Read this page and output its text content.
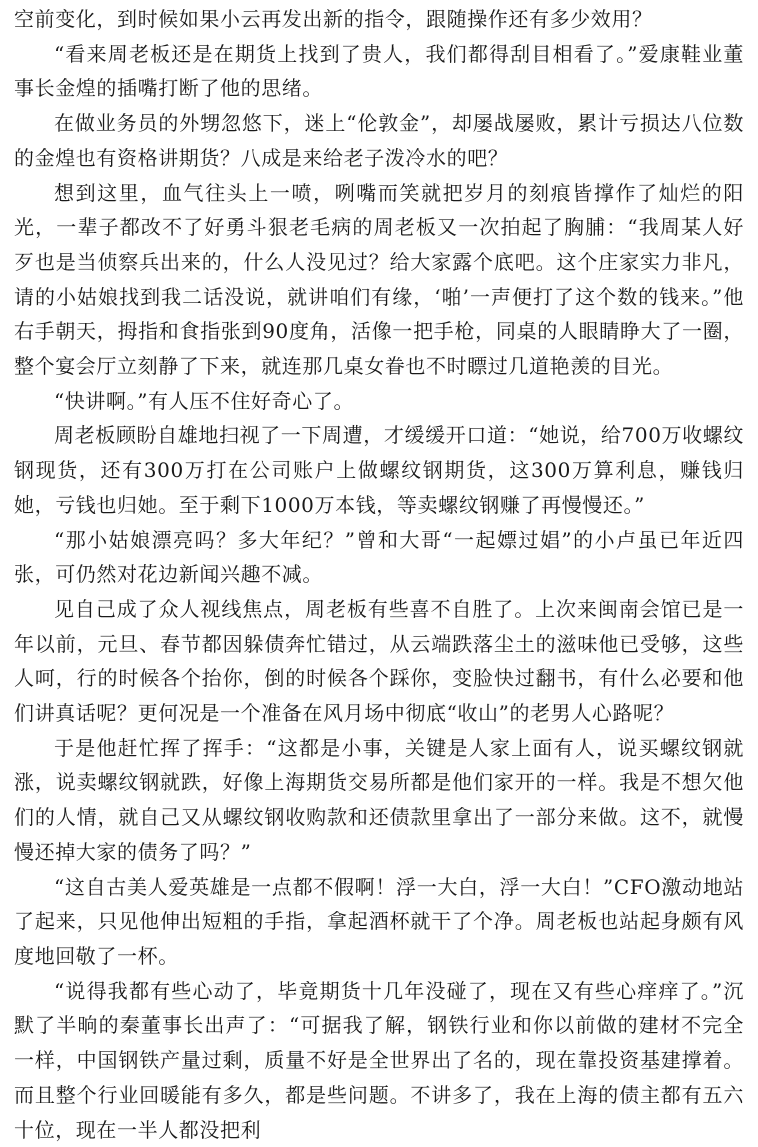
空前变化，到时候如果小云再发出新的指令，跟随操作还有多少效用？

“看来周老板还是在期货上找到了贵人，我们都得刮目相看了。”爱康鞋业董事长金煌的插嘴打断了他的思绪。

在做业务员的外甥忽悠下，迷上“伦敦金”，却屡战屡败，累计亏损达八位数的金煌也有资格讲期货？八成是来给老子泼冷水的吧？

想到这里，血气往头上一喷，咧嘴而笑就把岁月的刻痕皆撑作了灿烂的阳光，一辈子都改不了好勇斗狠老毛病的周老板又一次拍起了胸脯：“我周某人好歹也是当侦察兵出来的，什么人没见过？给大家露个底吧。这个庄家实力非凡，请的小姑娘找到我二话没说，就讲咱们有缘，‘啪’一声便打了这个数的钱来。”他右手朝天，拇指和食指张到90度角，活像一把手枪，同桌的人眼睛睁大了一圈，整个宴会厅立刻静了下来，就连那几桌女眷也不时瞟过几道艳羡的目光。

“快讲啊。”有人压不住好奇心了。

周老板顾盼自雄地扫视了一下周遭，才缓缓开口道：“她说，给700万收螺纹钢现货，还有300万打在公司账户上做螺纹钢期货，这300万算利息，赚钱归她，亏钱也归她。至于剩下1000万本钱，等卖螺纹钢赚了再慢慢还。”

“那小姑娘漂亮吗？多大年纪？”曾和大哥“一起嫖过娼”的小卢虽已年近四张，可仍然对花边新闻兴趣不减。

见自己成了众人视线焦点，周老板有些喜不自胜了。上次来闽南会馆已是一年以前，元旦、春节都因躲债奔忙错过，从云端跌落尘土的滋味他已受够，这些人呵，行的时候各个抬你，倒的时候各个踩你，变脸快过翻书，有什么必要和他们讲真话呢？更何况是一个准备在风月场中彻底“收山”的老男人心路呢？

于是他赶忙挥了挥手：“这都是小事，关键是人家上面有人，说买螺纹钢就涨，说卖螺纹钢就跌，好像上海期货交易所都是他们家开的一样。我是不想欠他们的人情，就自己又从螺纹钢收购款和还债款里拿出了一部分来做。这不，就慢慢还掉大家的债务了吗？”

“这自古美人爱英雄是一点都不假啊！浮一大白，浮一大白！”CFO激动地站了起来，只见他伸出短粗的手指，拿起酒杯就干了个净。周老板也站起身颇有风度地回敬了一杯。

“说得我都有些心动了，毕竟期货十几年没碰了，现在又有些心痒痒了。”沉默了半晌的秦董事长出声了：“可据我了解，钢铁行业和你以前做的建材不完全一样，中国钢铁产量过剩，质量不好是全世界出了名的，现在靠投资基建撑着。而且整个行业回暖能有多久，都是些问题。不讲多了，我在上海的债主都有五六十位，现在一半人都没把利
